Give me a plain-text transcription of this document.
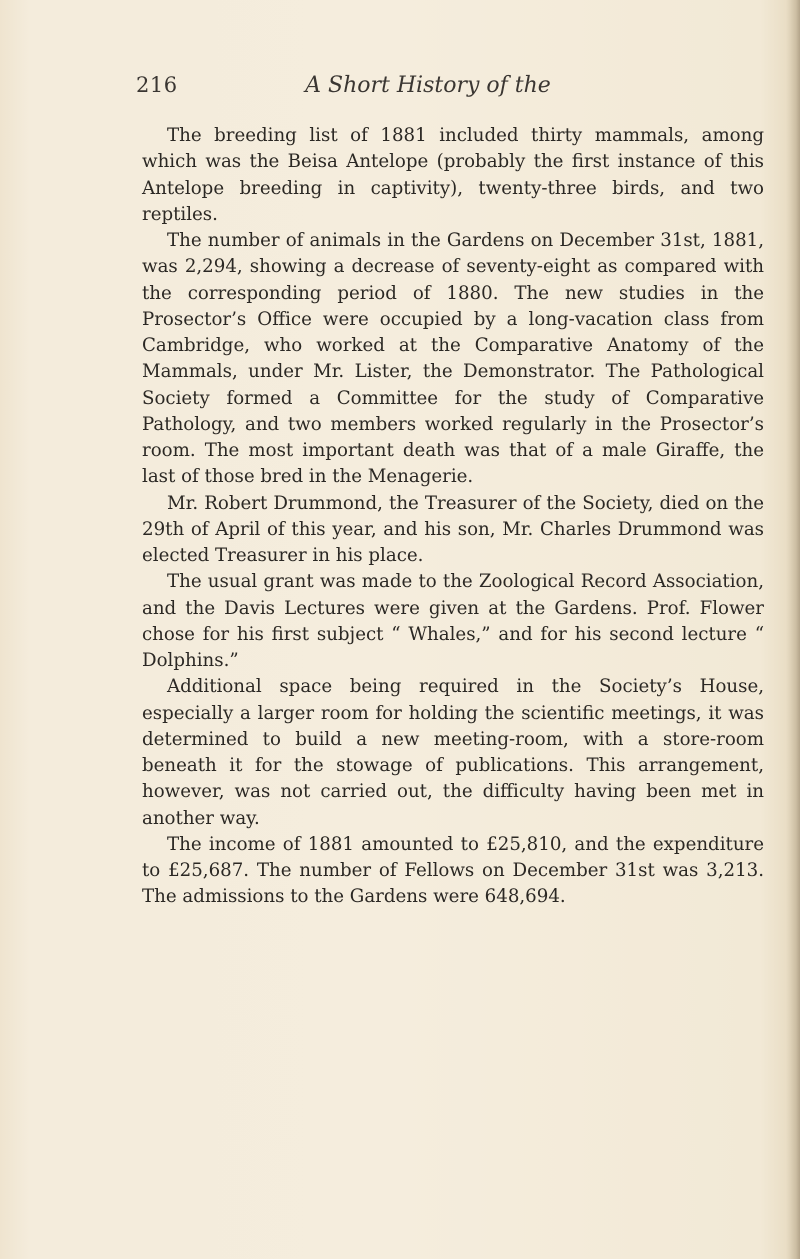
216	A Short History of the

The breeding list of 1881 included thirty mammals, among which was the Beisa Antelope (probably the first instance of this Antelope breeding in captivity), twenty-three birds, and two reptiles.

The number of animals in the Gardens on December 31st, 1881, was 2,294, showing a decrease of seventy-eight as compared with the corresponding period of 1880. The new studies in the Prosector’s Office were occupied by a long-vacation class from Cambridge, who worked at the Comparative Anatomy of the Mammals, under Mr. Lister, the Demonstrator. The Pathological Society formed a Committee for the study of Comparative Pathology, and two members worked regularly in the Prosector’s room. The most important death was that of a male Giraffe, the last of those bred in the Menagerie.

Mr. Robert Drummond, the Treasurer of the Society, died on the 29th of April of this year, and his son, Mr. Charles Drummond was elected Treasurer in his place.

The usual grant was made to the Zoological Record Association, and the Davis Lectures were given at the Gardens. Prof. Flower chose for his first subject “ Whales,” and for his second lecture “ Dolphins.”

Additional space being required in the Society’s House, especially a larger room for holding the scientific meetings, it was determined to build a new meeting-room, with a store-room beneath it for the stowage of publications. This arrangement, however, was not carried out, the difficulty having been met in another way.

The income of 1881 amounted to £25,810, and the expenditure to £25,687. The number of Fellows on December 31st was 3,213. The admissions to the Gardens were 648,694.
